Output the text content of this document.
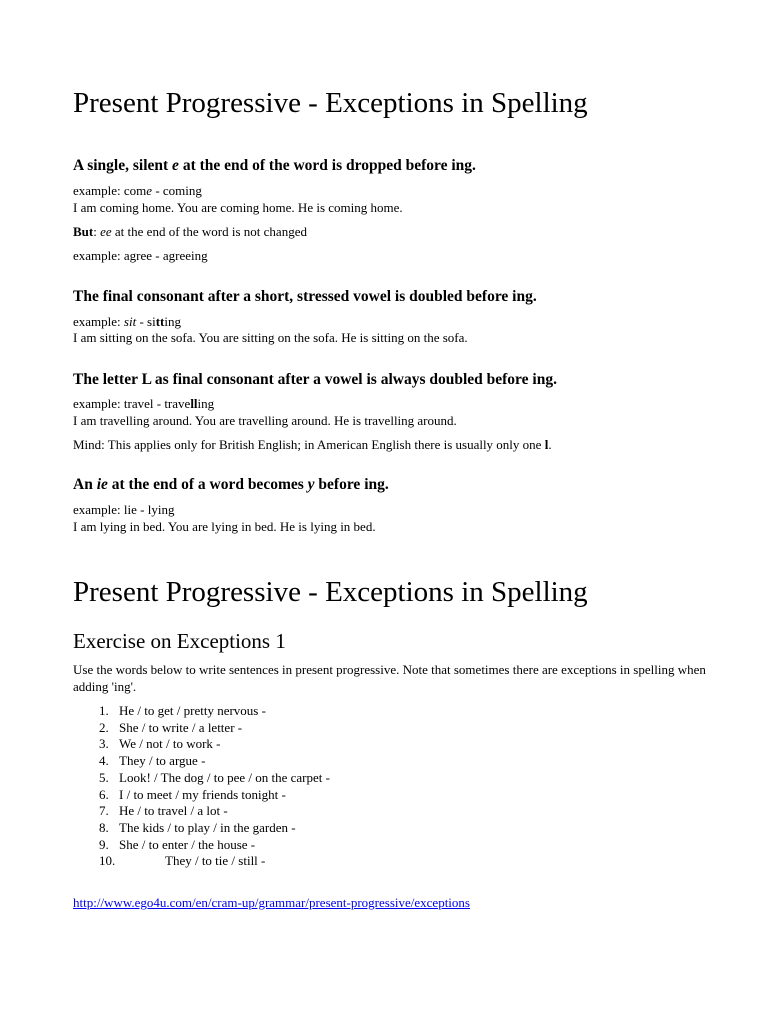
Present Progressive - Exceptions in Spelling

A single, silent e at the end of the word is dropped before ing.

example: come - coming

I am coming home. You are coming home. He is coming home.

But: ee at the end of the word is not changed

example: agree - agreeing

The final consonant after a short, stressed vowel is doubled before ing.

example: sit - sitting

I am sitting on the sofa. You are sitting on the sofa. He is sitting on the sofa.

The letter L as final consonant after a vowel is always doubled before ing.

example: travel - travelling

I am travelling around. You are travelling around. He is travelling around.

Mind: This applies only for British English; in American English there is usually only one l.

An ie at the end of a word becomes y before ing.

example: lie - lying

I am lying in bed. You are lying in bed. He is lying in bed.

Present Progressive - Exceptions in Spelling
Exercise on Exceptions 1

Use the words below to write sentences in present progressive. Note that sometimes there are exceptions in spelling when adding 'ing'.

1. He / to get / pretty nervous -
2. She / to write / a letter -
3. We / not / to work -
4. They / to argue -
5. Look! / The dog / to pee / on the carpet -
6. I / to meet / my friends tonight -
7. He / to travel / a lot -
8. The kids / to play / in the garden -
9. She / to enter / the house -
10.	They / to tie / still -
http://www.ego4u.com/en/cram-up/grammar/present-progressive/exceptions
